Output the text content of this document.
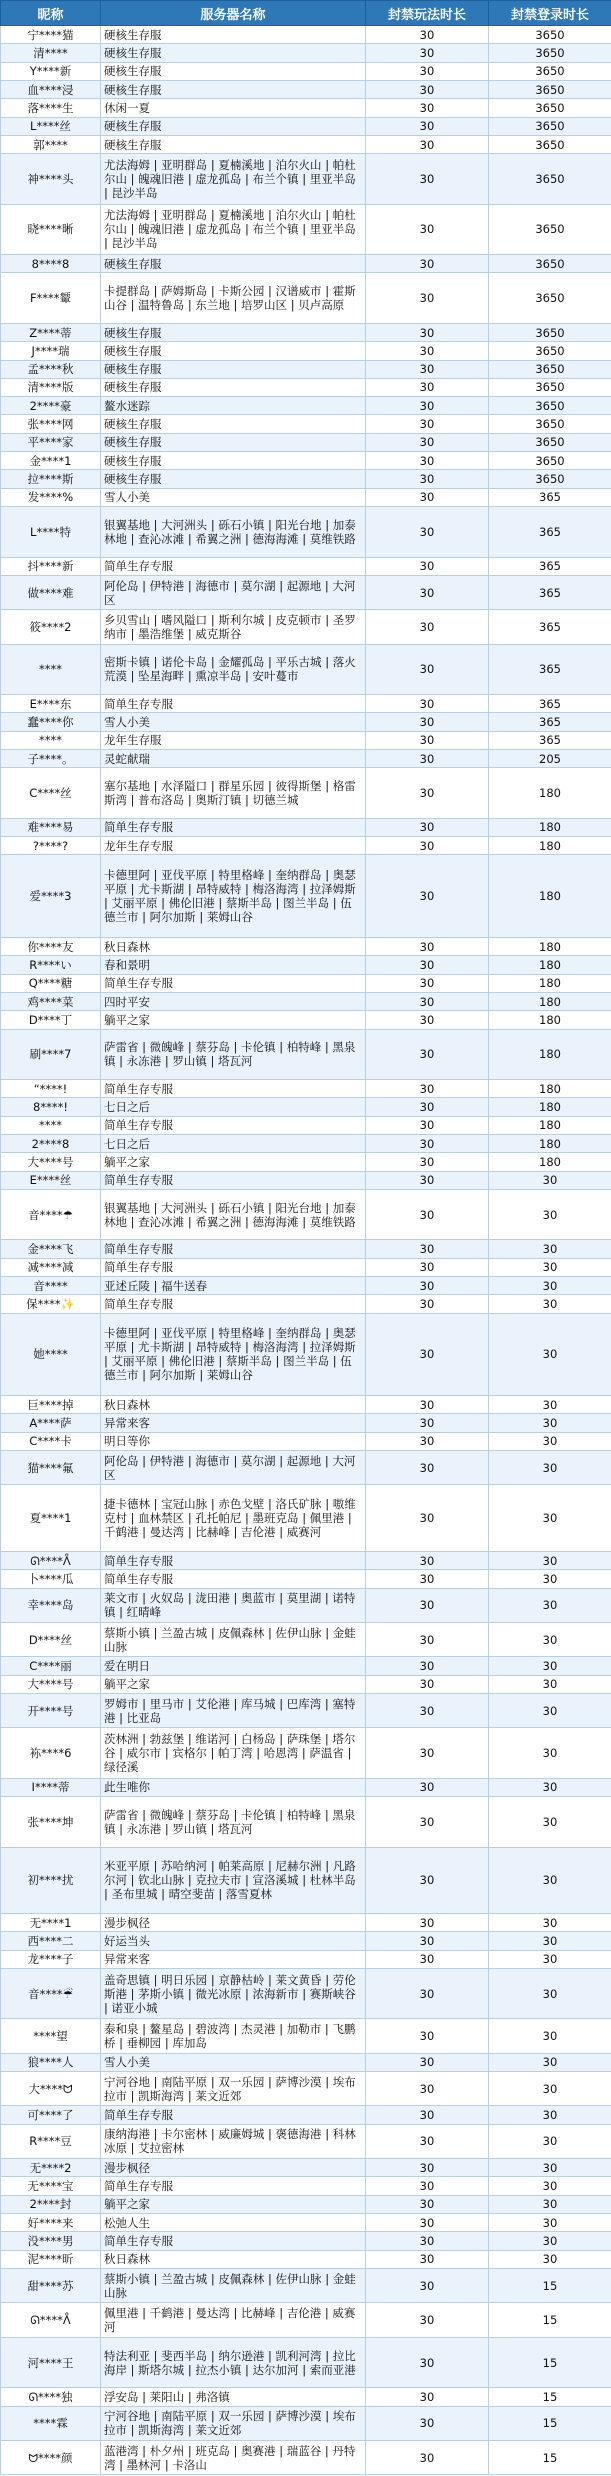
昵称	服务器名称	封禁玩法时长	封禁登录时长
宁****猫	硬核生存服	30	3650
清****	硬核生存服	30	3650
Y****新	硬核生存服	30	3650
血****浸	硬核生存服	30	3650
落****生	休闲一夏	30	3650
L****丝	硬核生存服	30	3650
郭****	硬核生存服	30	3650
神****头	尤法海姆 | 亚明群岛 | 夏楠溪地 | 泊尔火山 | 帕杜尔山 | 魄魂旧港 | 虚龙孤岛 | 布兰个镇 | 里亚半岛 | 昆沙半岛	30	3650
晓****晰	尤法海姆 | 亚明群岛 | 夏楠溪地 | 泊尔火山 | 帕杜尔山 | 魄魂旧港 | 虚龙孤岛 | 布兰个镇 | 里亚半岛 | 昆沙半岛	30	3650
8****8	硬核生存服	30	3650
F****颦	卡提群岛 | 萨姆斯岛 | 卡斯公园 | 汉谱威市 | 霍斯山谷 | 温特鲁岛 | 东兰地 | 培罗山区 | 贝卢高原	30	3650
Z****蒂	硬核生存服	30	3650
J****瑞	硬核生存服	30	3650
孟****秋	硬核生存服	30	3650
清****版	硬核生存服	30	3650
2****豪	鳌水迷踪	30	3650
张****网	硬核生存服	30	3650
平****家	硬核生存服	30	3650
金****1	硬核生存服	30	3650
拉****斯	硬核生存服	30	3650
发****%	雪人小美	30	365
L****特	银翼基地 | 大河洲头 | 砾石小镇 | 阳光台地 | 加泰林地 | 查沁冰滩 | 希翼之洲 | 德海海滩 | 莫维铁路	30	365
抖****新	简单生存专服	30	365
做****难	阿伦岛 | 伊特港 | 海德市 | 莫尔湖 | 起源地 | 大河区	30	365
筱****2	乡贝雪山 | 嗜风隘口 | 斯利尔城 | 皮克顿市 | 圣罗纳市 | 墨浩维堡 | 威克斯谷	30	365
****	密斯卡镇 | 诺伦卡岛 | 金耀孤岛 | 平乐古城 | 落火荒漠 | 坠星海畔 | 熏凉半岛 | 安叶蔓市	30	365
E****东	简单生存专服	30	365
蠢****你	雪人小美	30	365
****	龙年生存服	30	365
子****。	灵蛇献瑞	30	205
C****丝	塞尔基地 | 水泽隘口 | 群星乐园 | 彼得斯堡 | 格雷斯湾 | 普布洛岛 | 奥斯汀镇 | 切德兰城	30	180
难****易	简单生存专服	30	180
?****?	龙年生存专服	30	180
爱****3	卡德里阿 | 亚伐平原 | 特里格峰 | 奎纳群岛 | 奥瑟平原 | 尤卡斯湖 | 昂特威特 | 梅洛海湾 | 拉泽姆斯 | 艾丽平原 | 佛伦旧港 | 蔡斯半岛 | 图兰半岛 | 伍德兰市 | 阿尔加斯 | 莱姆山谷	30	180
你****友	秋日森林	30	180
R****い	春和景明	30	180
Q****糖	简单生存专服	30	180
鸡****菜	四时平安	30	180
D****丁	躺平之家	30	180
刷****7	萨雷省 | 微魄峰 | 蔡芬岛 | 卡伦镇 | 柏特峰 | 黑泉镇 | 永冻港 | 罗山镇 | 塔瓦河	30	180
“****!	简单生存专服	30	180
8****!	七日之后	30	180
****	简单生存专服	30	180
2****8	七日之后	30	180
大****号	躺平之家	30	180
E****丝	简单生存专服	30	30
音****☂	银翼基地 | 大河洲头 | 砾石小镇 | 阳光台地 | 加泰林地 | 查沁冰滩 | 希翼之洲 | 德海海滩 | 莫维铁路	30	30
金****飞	简单生存专服	30	30
减****减	简单生存专服	30	30
音****	亚述丘陵 | 福牛送春	30	30
保****✨	简单生存专服	30	30
她****	卡德里阿 | 亚伐平原 | 特里格峰 | 奎纳群岛 | 奥瑟平原 | 尤卡斯湖 | 昂特威特 | 梅洛海湾 | 拉泽姆斯 | 艾丽平原 | 佛伦旧港 | 蔡斯半岛 | 图兰半岛 | 伍德兰市 | 阿尔加斯 | 莱姆山谷	30	30
巨****掉	秋日森林	30	30
A****萨	异常来客	30	30
C****卡	明日等你	30	30
猫****氟	阿伦岛 | 伊特港 | 海德市 | 莫尔湖 | 起源地 | 大河区	30	30
夏****1	捷卡德林 | 宝冠山脉 | 赤色戈壁 | 洛氏矿脉 | 嗷维克村 | 血林禁区 | 孔托帕尼 | 墨班克岛 | 佩里港 | 千鹤港 | 曼达湾 | 比赫峰 | 吉伦港 | 威赛河	30	30
ᘏ****ᐰ	简单生存专服	30	30
卜****瓜	简单生存专服	30	30
幸****岛	莱文市 | 火奴岛 | 泷田港 | 奥蓝市 | 莫里湖 | 诺特镇 | 红晴峰	30	30
D****丝	蔡斯小镇 | 兰盈古城 | 皮佩森林 | 佐伊山脉 | 金蛙山脉	30	30
C****丽	爱在明日	30	30
大****号	躺平之家	30	30
开****号	罗姆市 | 里马市 | 艾伦港 | 库马城 | 巴库湾 | 塞特港 | 比亚岛	30	30
袮****6	茨林洲 | 勃兹堡 | 维诺河 | 白杨岛 | 萨珠堡 | 塔尔谷 | 威尔市 | 宾格尔 | 帕丁湾 | 哈恩湾 | 萨温省 | 绿径溪	30	30
I****蒂	此生唯你	30	30
张****坤	萨雷省 | 微魄峰 | 蔡芬岛 | 卡伦镇 | 柏特峰 | 黑泉镇 | 永冻港 | 罗山镇 | 塔瓦河	30	30
初****扰	米亚平原 | 苏哈纳河 | 帕莱高原 | 尼赫尔洲 | 凡路尔河 | 钦北山脉 | 克拉夫市 | 宣洛溪城 | 杜林半岛 | 圣布里城 | 晴空斐苗 | 落雪夏林	30	30
无****1	漫步枫径	30	30
西****二	好运当头	30	30
龙****子	异常来客	30	30
音****☔	盖奇思镇 | 明日乐园 | 京静枯岭 | 莱文黄昏 | 劳伦斯港 | 茅斯小镇 | 微光冰原 | 浓海新市 | 赛斯峡谷 | 诺亚小城	30	30
****望	泰和泉 | 鳌星岛 | 碧波湾 | 杰灵港 | 加勒市 | 飞鹏桥 | 垂柳园 | 库加岛	30	30
狼****人	雪人小美	30	30
大****ᗢ	宁河谷地 | 南陆平原 | 双一乐园 | 萨博沙漠 | 埃布拉市 | 凯斯海湾 | 莱文近郊	30	30
可****了	简单生存专服	30	30
R****豆	康纳海港 | 卡尔密林 | 威廉姆城 | 褒德海港 | 科林冰原 | 艾拉密林	30	30
无****2	漫步枫径	30	30
无****宝	简单生存专服	30	30
2****封	躺平之家	30	30
好****来	松弛人生	30	30
没****男	简单生存专服	30	30
泥****昕	秋日森林	30	30
甜****苏	蔡斯小镇 | 兰盈古城 | 皮佩森林 | 佐伊山脉 | 金蛙山脉	30	15
ᘏ****ᐰ	佩里港 | 千鹤港 | 曼达湾 | 比赫峰 | 吉伦港 | 威赛河	30	15
河****王	特法利亚 | 斐西半岛 | 纳尔逊港 | 凯利河湾 | 拉比海岸 | 斯塔尔城 | 拉杰小镇 | 达尔加河 | 索而亚港	30	15
ᘏ****独	浮安岛 | 莱阳山 | 弗洛镇	30	15
****霖	宁河谷地 | 南陆平原 | 双一乐园 | 萨博沙漠 | 埃布拉市 | 凯斯海湾 | 莱文近郊	30	15
ᗢ****颜	蓝港湾 | 朴夕州 | 班克岛 | 奥赛港 | 瑞蓝谷 | 丹特湾 | 墨林河 | 卡洛山	30	15
